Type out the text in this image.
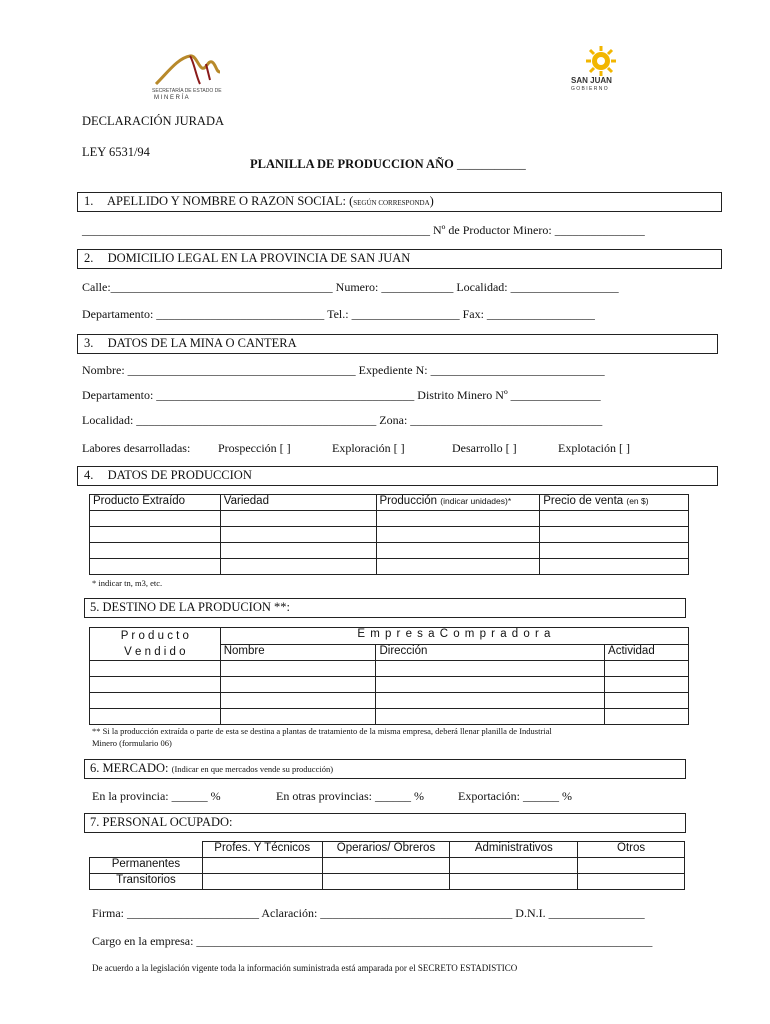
SECRETARÍA DE ESTADO DE
M I N E R Í A
SAN JUAN
G O B I E R N O
DECLARACIÓN JURADA
LEY 6531/94
PLANILLA DE PRODUCCION AÑO ___________
1. APELLIDO Y NOMBRE O RAZON SOCIAL: (SEGÚN CORRESPONDA)
__________________________________________________________ Nº de Productor Minero: _______________
2. DOMICILIO LEGAL EN LA PROVINCIA DE SAN JUAN
Calle:_____________________________________ Numero: ____________ Localidad: __________________
Departamento: ____________________________ Tel.: __________________ Fax: __________________
3. DATOS DE LA MINA O CANTERA
Nombre: ______________________________________ Expediente N: _____________________________
Departamento: ___________________________________________ Distrito Minero Nº _______________
Localidad: ________________________________________ Zona: ________________________________
Labores desarrolladas: Prospección [ ]	Exploración [ ]	Desarrollo [ ]	Explotación [ ]
4. DATOS DE PRODUCCION
Producto Extraído	Variedad	Producción (indicar unidades)*	Precio de venta (en $)

* indicar tn, m3, etc.
5. DESTINO DE LA PRODUCION **:
P r o d u c t o
V e n d i d o	E m p r e s a C o m p r a d o r a		
	Nombre	Dirección	Actividad

** Si la producción extraída o parte de esta se destina a plantas de tratamiento de la misma empresa, deberá llenar planilla de Industrial
Minero (formulario 06)
6. MERCADO: (Indicar en que mercados vende su producción)
En la provincia: ______ %	En otras provincias: ______ %	Exportación: ______ %
7. PERSONAL OCUPADO:
	Profes. Y Técnicos	Operarios/ Obreros	Administrativos	Otros
Permanentes				
Transitorios				
Firma: ______________________ Aclaración: ________________________________ D.N.I. ________________
Cargo en la empresa: ____________________________________________________________________________
De acuerdo a la legislación vigente toda la información suministrada está amparada por el SECRETO ESTADISTICO
